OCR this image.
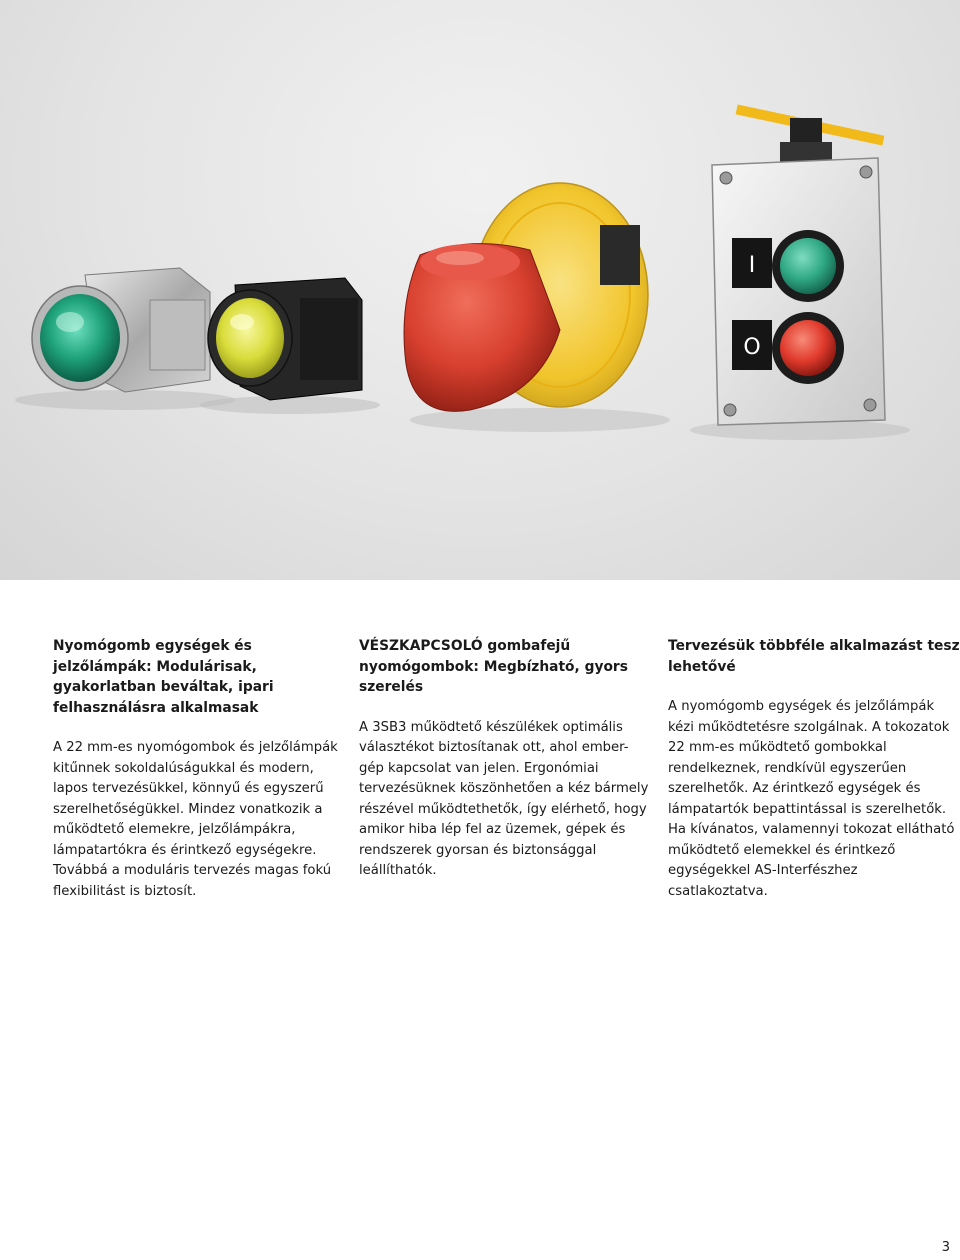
I
O
Nyomógomb egységek és jelzőlámpák: Modulárisak, gyakorlatban beváltak, ipari felhasználásra alkalmasak

A 22 mm-es nyomógombok és jelzőlámpák kitűnnek sokoldalúságukkal és modern, lapos tervezésükkel, könnyű és egyszerű szerelhetőségükkel. Mindez vonatkozik a működtető elemekre, jelzőlámpákra, lámpatartókra és érintkező egységekre. Továbbá a moduláris tervezés magas fokú flexibilitást is biztosít.

VÉSZKAPCSOLÓ gombafejű nyomógombok: Megbízható, gyors szerelés

A 3SB3 működtető készülékek optimális választékot biztosítanak ott, ahol ember-gép kapcsolat van jelen. Ergonómiai tervezésüknek köszönhetően a kéz bármely részével működtethetők, így elérhető, hogy amikor hiba lép fel az üzemek, gépek és rendszerek gyorsan és biztonsággal leállíthatók.

Tervezésük többféle alkalmazást tesz lehetővé

A nyomógomb egységek és jelzőlámpák kézi működtetésre szolgálnak. A tokozatok 22 mm-es működtető gombokkal rendelkeznek, rendkívül egyszerűen szerelhetők. Az érintkező egységek és lámpatartók bepattintással is szerelhetők. Ha kívánatos, valamennyi tokozat ellátható működtető elemekkel és érintkező egységekkel AS-Interfészhez csatlakoztatva.

3
